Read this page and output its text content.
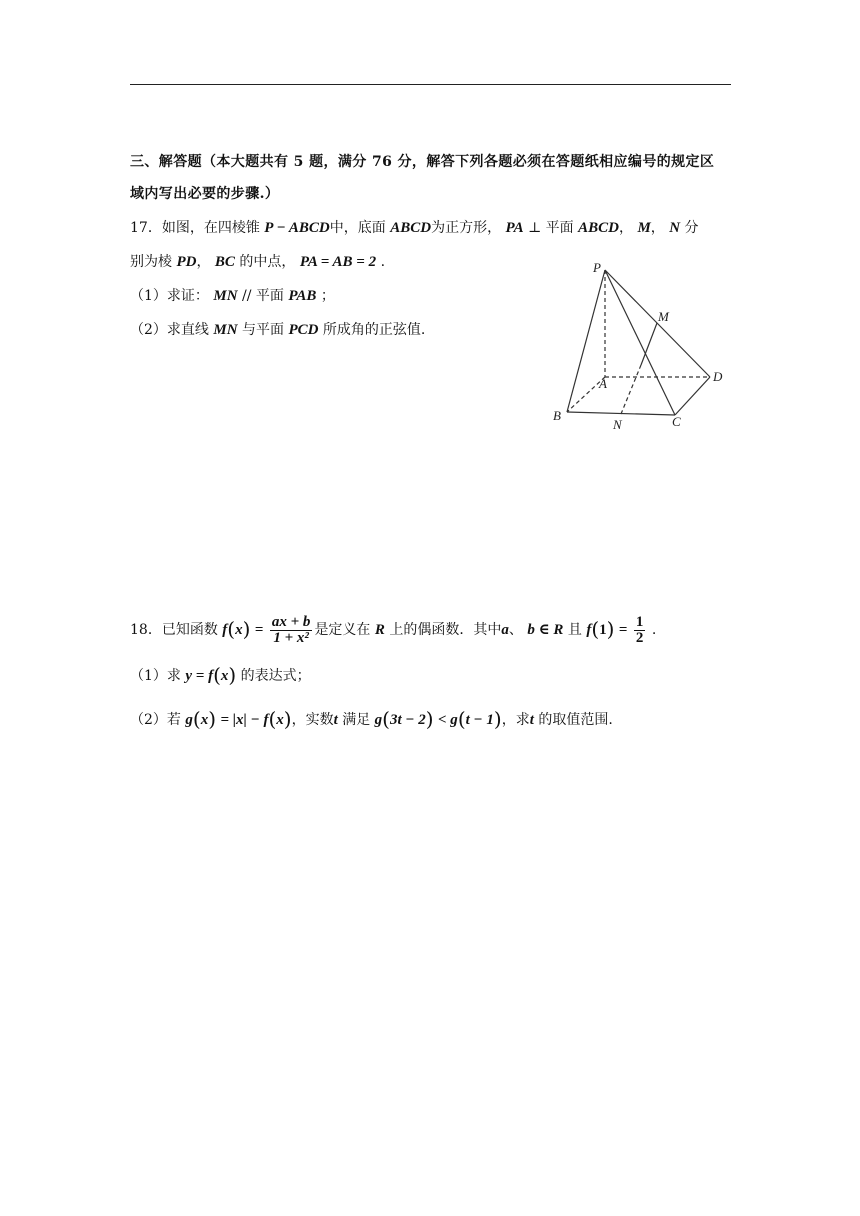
三、解答题（本大题共有 5 题，满分 76 分，解答下列各题必须在答题纸相应编号的规定区
域内写出必要的步骤.）
17．如图，在四棱锥 P − ABCD中，底面 ABCD为正方形， PA ⊥ 平面 ABCD， M， N 分
别为棱 PD， BC 的中点， PA = AB = 2 .
（1）求证： MN // 平面 PAB ；
（2）求直线 MN 与平面 PCD 所成角的正弦值.
P
M
A	D
B
N	C
18．已知函数 $f(x) = \frac{ax + b}{\text{1 + x²}}$ 是定义在 R 上的偶函数．其中a、 b ∈ R 且 $f(1) = \frac{1}{2}$ .
（1）求 y = f(x) 的表达式；
（2）若 g(x) = |x| − f(x)，实数t 满足 g(3t − 2) < g(t − 1)，求t 的取值范围.
